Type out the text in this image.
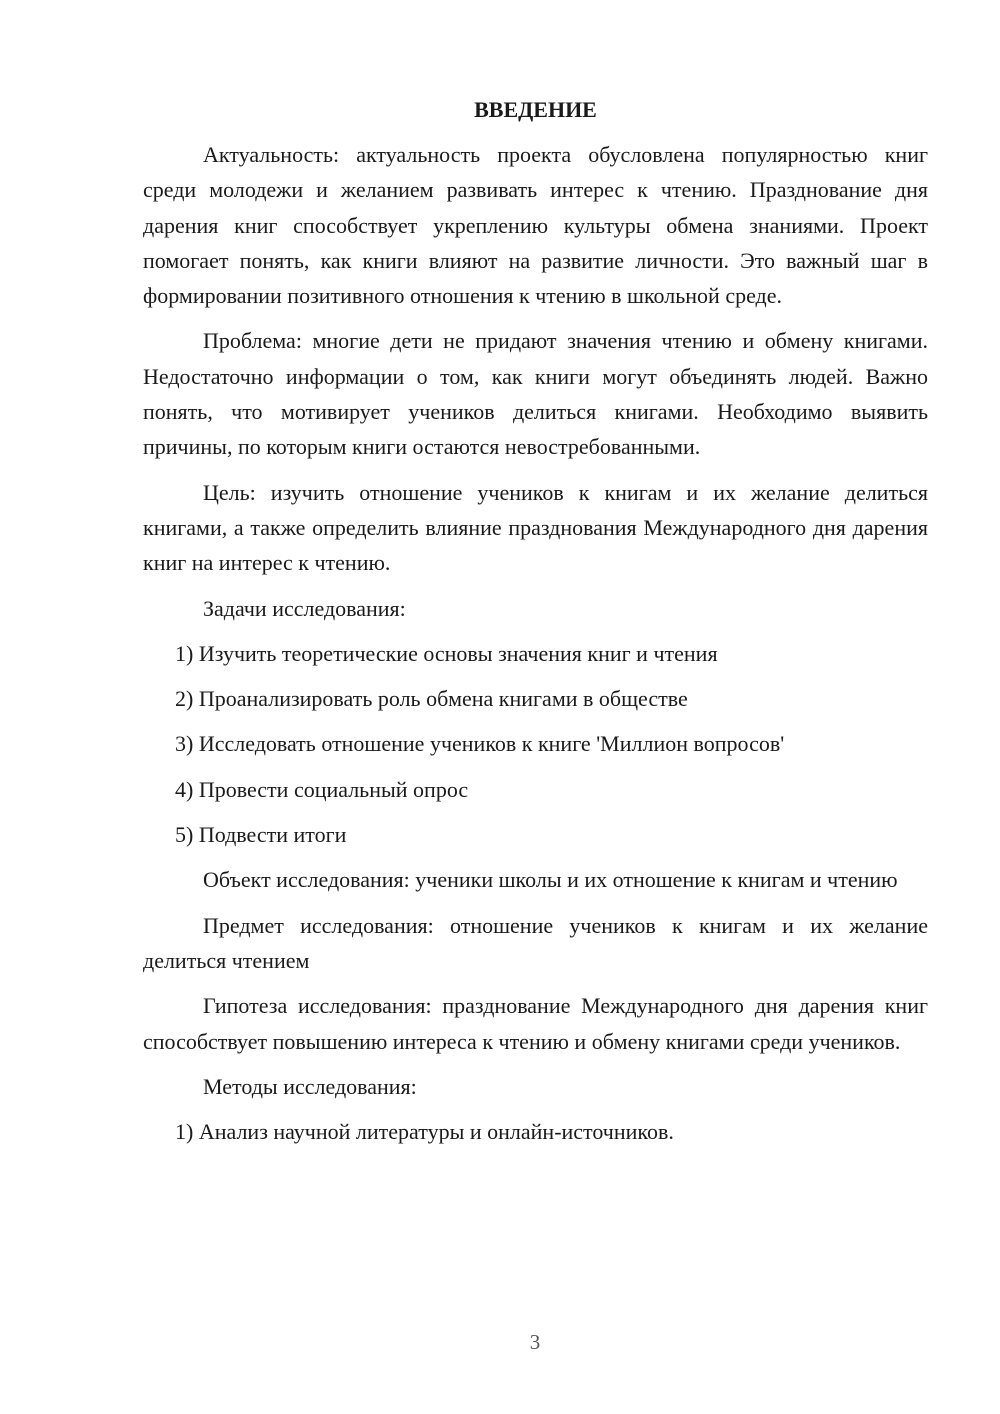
ВВЕДЕНИЕ
Актуальность: актуальность проекта обусловлена популярностью книг среди молодежи и желанием развивать интерес к чтению. Празднование дня дарения книг способствует укреплению культуры обмена знаниями. Проект помогает понять, как книги влияют на развитие личности. Это важный шаг в формировании позитивного отношения к чтению в школьной среде.
Проблема: многие дети не придают значения чтению и обмену книгами. Недостаточно информации о том, как книги могут объединять людей. Важно понять, что мотивирует учеников делиться книгами. Необходимо выявить причины, по которым книги остаются невостребованными.
Цель: изучить отношение учеников к книгам и их желание делиться книгами, а также определить влияние празднования Международного дня дарения книг на интерес к чтению.
Задачи исследования:
1) Изучить теоретические основы значения книг и чтения
2) Проанализировать роль обмена книгами в обществе
3) Исследовать отношение учеников к книге 'Миллион вопросов'
4) Провести социальный опрос
5) Подвести итоги
Объект исследования: ученики школы и их отношение к книгам и чтению
Предмет исследования: отношение учеников к книгам и их желание делиться чтением
Гипотеза исследования: празднование Международного дня дарения книг способствует повышению интереса к чтению и обмену книгами среди учеников.
Методы исследования:
1) Анализ научной литературы и онлайн-источников.
3
